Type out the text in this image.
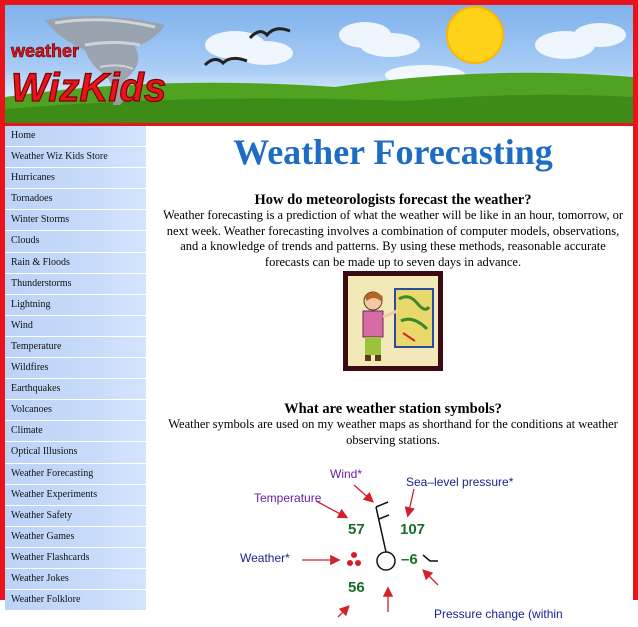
weather
WizKids
Home
Weather Wiz Kids Store
Hurricanes
Tornadoes
Winter Storms
Clouds
Rain & Floods
Thunderstorms
Lightning
Wind
Temperature
Wildfires
Earthquakes
Volcanoes
Climate
Optical Illusions
Weather Forecasting
Weather Experiments
Weather Safety
Weather Games
Weather Flashcards
Weather Jokes
Weather Folklore
Weather Forecasting
How do meteorologists forecast the weather?

Weather forecasting is a prediction of what the weather will be like in an hour, tomorrow, or next week. Weather forecasting involves a combination of computer models, observations, and a knowledge of trends and patterns. By using these methods, reasonable accurate forecasts can be made up to seven days in advance.

What are weather station symbols?

Weather symbols are used on my weather maps as shorthand for the conditions at weather observing stations.

Wind*
Sea–level pressure*
Temperature
Weather*
57 107
–6
56
Pressure change (within
